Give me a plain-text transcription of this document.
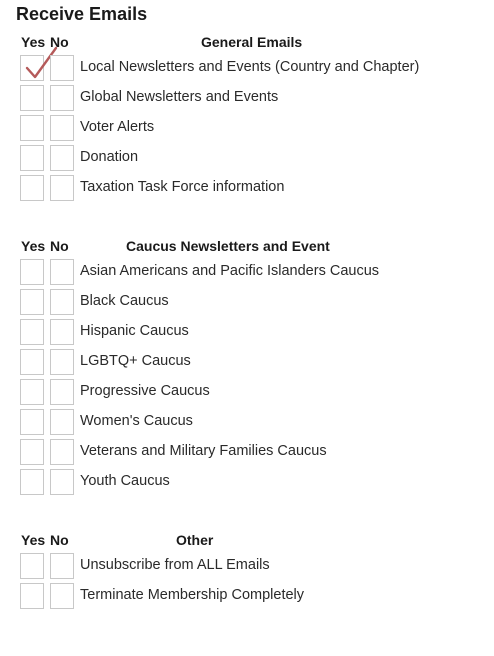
Receive Emails
Yes No	General Emails
Local Newsletters and Events (Country and Chapter)
Global Newsletters and Events
Voter Alerts
Donation
Taxation Task Force information
Yes No	Caucus Newsletters and Event
Asian Americans and Pacific Islanders Caucus
Black Caucus
Hispanic Caucus
LGBTQ+ Caucus
Progressive Caucus
Women's Caucus
Veterans and Military Families Caucus
Youth Caucus
Yes No	Other
Unsubscribe from ALL Emails
Terminate Membership Completely
